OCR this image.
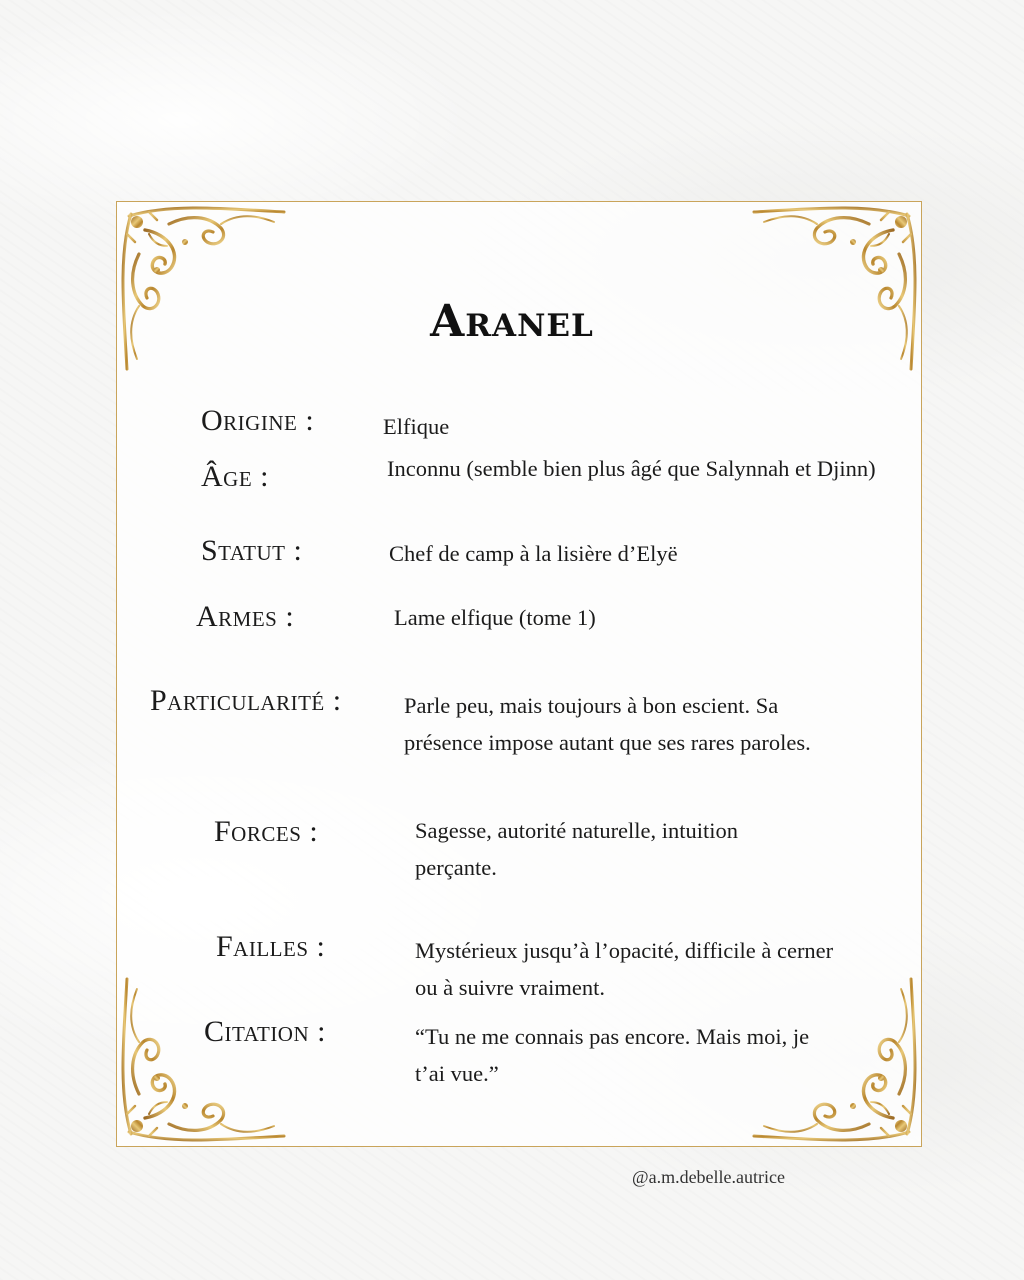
Aranel
Origine :	Elfique
Âge :	Inconnu (semble bien plus âgé que Salynnah et Djinn)
Statut :	Chef de camp à la lisière d’Elyë
Armes :	Lame elfique (tome 1)
Particularité :	Parle peu, mais toujours à bon escient. Sa présence impose autant que ses rares paroles.
Forces :	Sagesse, autorité naturelle, intuition perçante.
Failles :	Mystérieux jusqu’à l’opacité, difficile à cerner ou à suivre vraiment.
Citation :	“Tu ne me connais pas encore. Mais moi, je t’ai vue.”
@a.m.debelle.autrice
